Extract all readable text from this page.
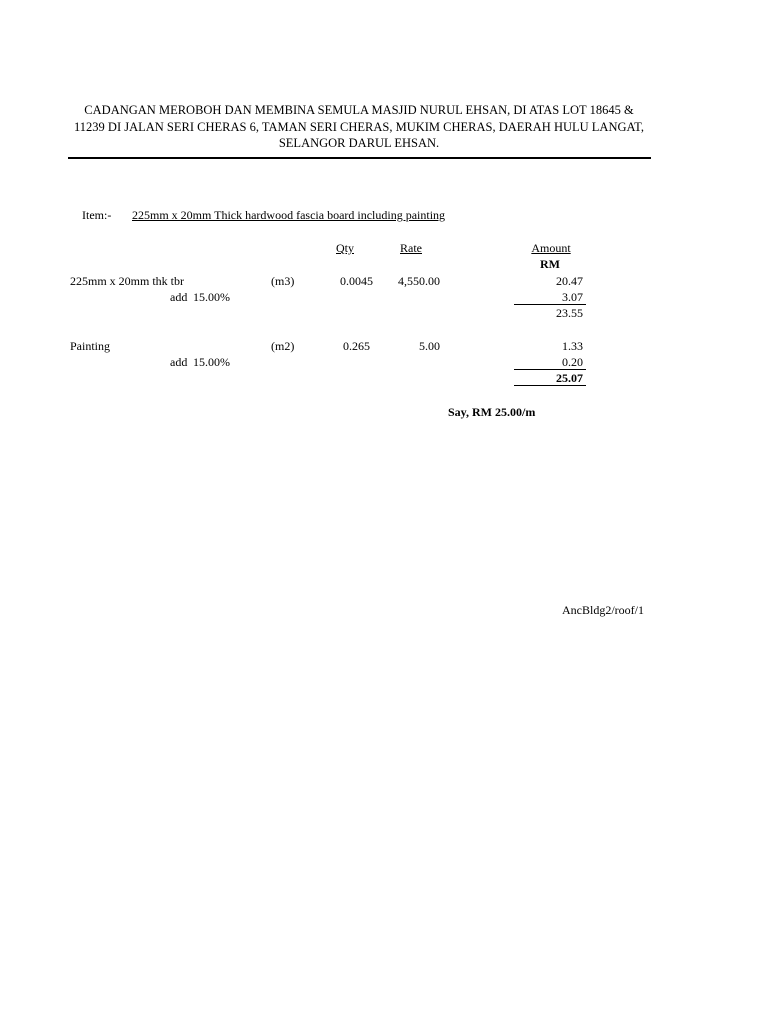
CADANGAN MEROBOH DAN MEMBINA SEMULA MASJID NURUL EHSAN, DI ATAS LOT 18645 &
11239 DI JALAN SERI CHERAS 6, TAMAN SERI CHERAS, MUKIM CHERAS, DAERAH HULU LANGAT,
SELANGOR DARUL EHSAN.
Item:- 225mm x 20mm Thick hardwood fascia board including painting
Qty	Rate	Amount
RM
225mm x 20mm thk tbr	(m3)	0.0045	4,550.00	20.47
add 15.00%	3.07
23.55
Painting	(m2)	0.265	5.00	1.33
add 15.00%	0.20
25.07
Say, RM 25.00/m
AncBldg2/roof/1
